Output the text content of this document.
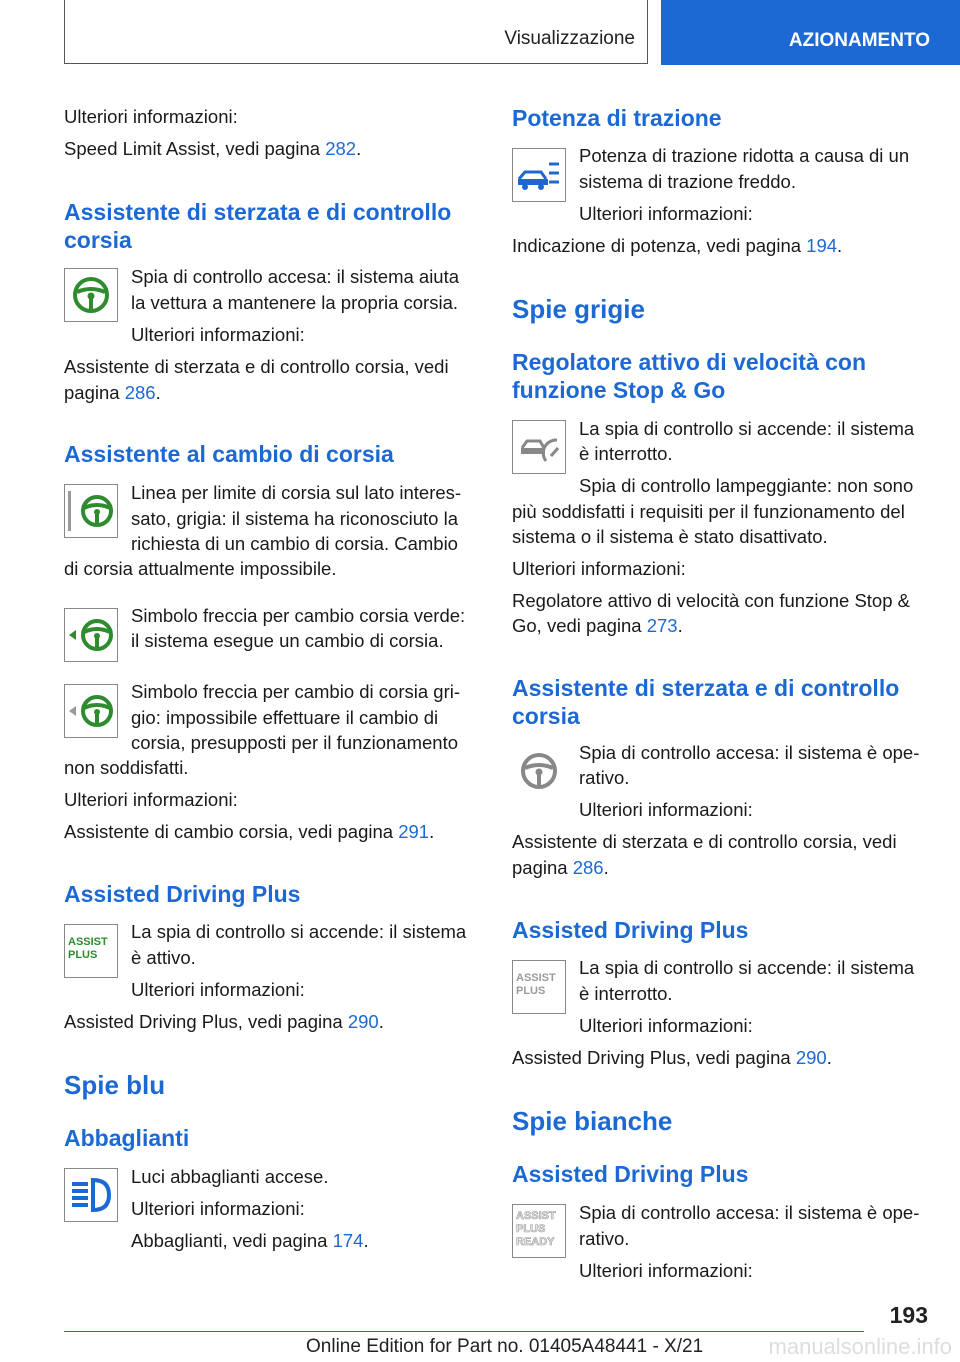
Visualizzazione	AZIONAMENTO
Ulteriori informazioni:
Speed Limit Assist, vedi pagina 282.
Assistente di sterzata e di controllo
corsia
Spia di controllo accesa: il sistema aiuta
la vettura a mantenere la propria corsia.
Ulteriori informazioni:
Assistente di sterzata e di controllo corsia, vedi
pagina 286.
Assistente al cambio di corsia
Linea per limite di corsia sul lato interes-
sato, grigia: il sistema ha riconosciuto la
richiesta di un cambio di corsia. Cambio
di corsia attualmente impossibile.
Simbolo freccia per cambio corsia verde:
il sistema esegue un cambio di corsia.
Simbolo freccia per cambio di corsia gri-
gio: impossibile effettuare il cambio di
corsia, presupposti per il funzionamento
non soddisfatti.
Ulteriori informazioni:
Assistente di cambio corsia, vedi pagina 291.
Assisted Driving Plus
ASSIST
PLUS
La spia di controllo si accende: il sistema
è attivo.
Ulteriori informazioni:
Assisted Driving Plus, vedi pagina 290.
Spie blu
Abbaglianti
Luci abbaglianti accese.
Ulteriori informazioni:
Abbaglianti, vedi pagina 174.
Potenza di trazione
Potenza di trazione ridotta a causa di un
sistema di trazione freddo.
Ulteriori informazioni:
Indicazione di potenza, vedi pagina 194.
Spie grigie
Regolatore attivo di velocità con
funzione Stop & Go
La spia di controllo si accende: il sistema
è interrotto.
Spia di controllo lampeggiante: non sono
più soddisfatti i requisiti per il funzionamento del
sistema o il sistema è stato disattivato.
Ulteriori informazioni:
Regolatore attivo di velocità con funzione Stop &
Go, vedi pagina 273.
Assistente di sterzata e di controllo
corsia
Spia di controllo accesa: il sistema è ope-
rativo.
Ulteriori informazioni:
Assistente di sterzata e di controllo corsia, vedi
pagina 286.
Assisted Driving Plus
ASSIST
PLUS
La spia di controllo si accende: il sistema
è interrotto.
Ulteriori informazioni:
Assisted Driving Plus, vedi pagina 290.
Spie bianche
Assisted Driving Plus
ASSIST
PLUS
READY
Spia di controllo accesa: il sistema è ope-
rativo.
Ulteriori informazioni:
193
Online Edition for Part no. 01405A48441 - X/21	manualsonline.info
